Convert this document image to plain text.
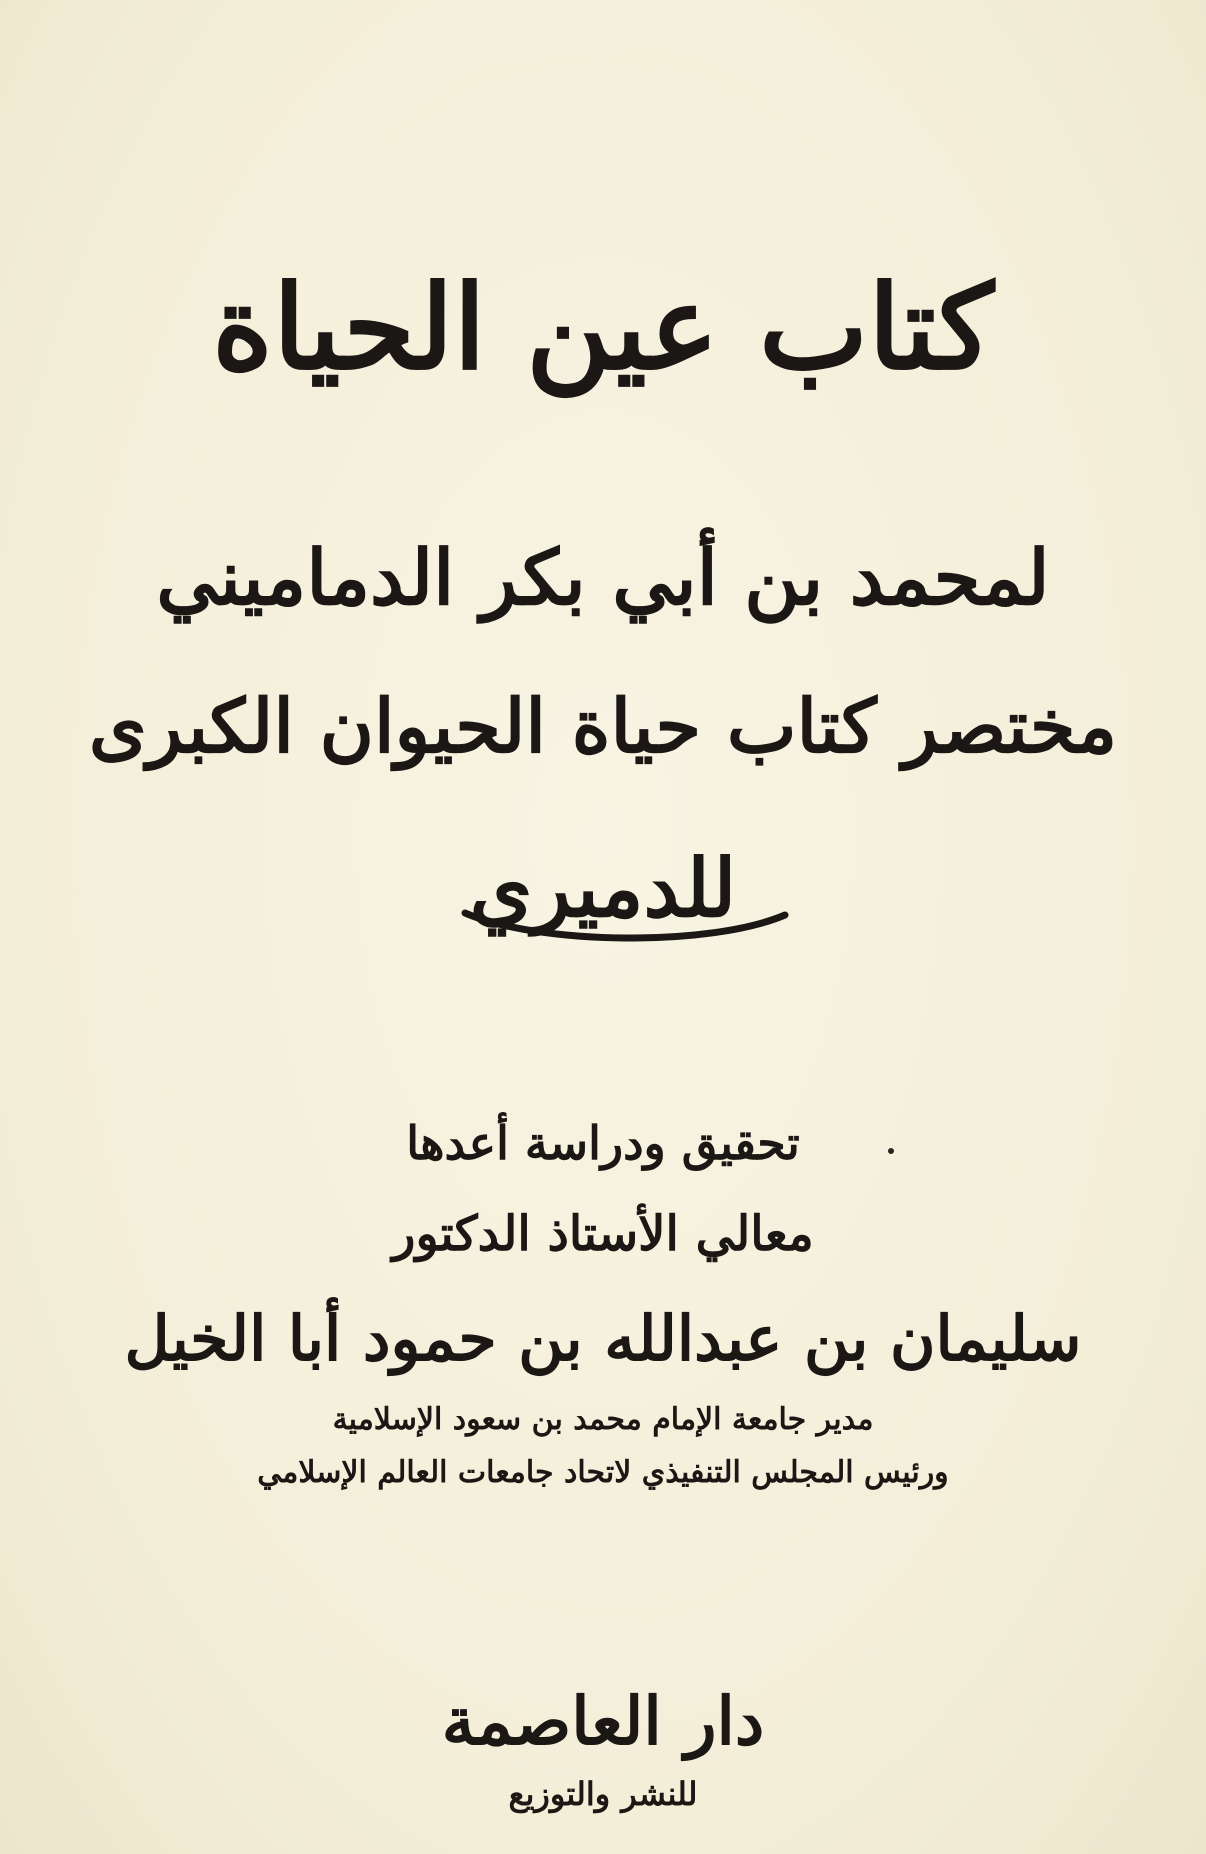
كتاب عين الحياة
لمحمد بن أبي بكر الدماميني
مختصر كتاب حياة الحيوان الكبرى
للدميري
تحقيق ودراسة أعدها
معالي الأستاذ الدكتور
سليمان بن عبدالله بن حمود أبا الخيل
مدير جامعة الإمام محمد بن سعود الإسلامية
ورئيس المجلس التنفيذي لاتحاد جامعات العالم الإسلامي
دار العاصمة
للنشر والتوزيع
